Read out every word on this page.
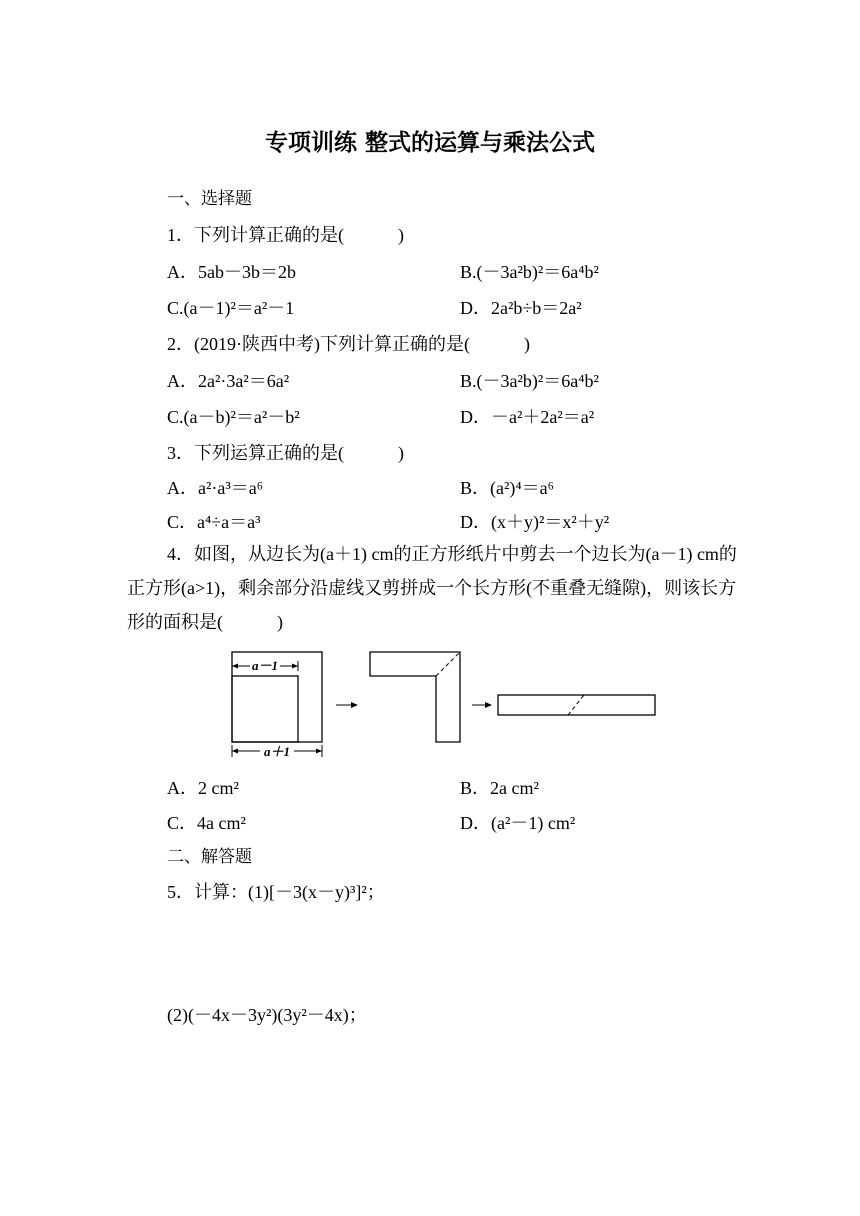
专项训练 整式的运算与乘法公式
一、选择题
1．下列计算正确的是(　　　)
A．5ab－3b＝2b	B.(－3a²b)²＝6a⁴b²
C.(a－1)²＝a²－1	D．2a²b÷b＝2a²
2．(2019·陕西中考)下列计算正确的是(　　　)
A．2a²·3a²＝6a²	B.(－3a²b)²＝6a⁴b²
C.(a－b)²＝a²－b²	D．－a²＋2a²＝a²
3．下列运算正确的是(　　　)
A．a²·a³＝a⁶	B．(a²)⁴＝a⁶
C．a⁴÷a＝a³	D．(x＋y)²＝x²＋y²
4．如图，从边长为(a＋1) cm的正方形纸片中剪去一个边长为(a－1) cm的正方形(a>1)，剩余部分沿虚线又剪拼成一个长方形(不重叠无缝隙)，则该长方形的面积是(　　　)
a－1
a＋1
A．2 cm²	B．2a cm²
C．4a cm²	D．(a²－1) cm²
二、解答题
5．计算：(1)[－3(x－y)³]²；
(2)(－4x－3y²)(3y²－4x)；
